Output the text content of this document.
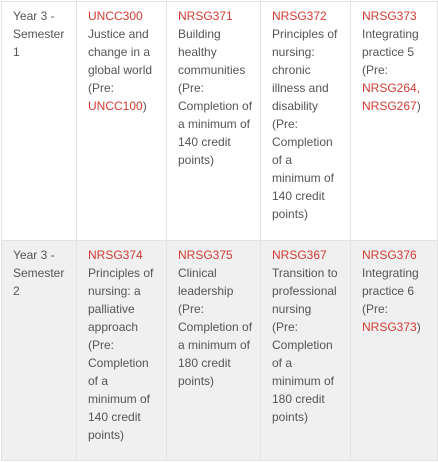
Year 3 - Semester 1	UNCC300
Justice and change in a global world
(Pre:
UNCC100)	NRSG371
Building healthy communities
(Pre:
Completion of a minimum of 140 credit points)	NRSG372
Principles of nursing: chronic illness and disability
(Pre:
Completion of a minimum of 140 credit points)	NRSG373
Integrating practice 5
(Pre:
NRSG264,
NRSG267)

Year 3 - Semester 2	NRSG374
Principles of nursing: a palliative approach
(Pre:
Completion of a minimum of 140 credit points)	NRSG375
Clinical leadership
(Pre:
Completion of a minimum of 180 credit points)	NRSG367
Transition to professional nursing
(Pre:
Completion of a minimum of 180 credit points)	NRSG376
Integrating practice 6
(Pre:
NRSG373)
